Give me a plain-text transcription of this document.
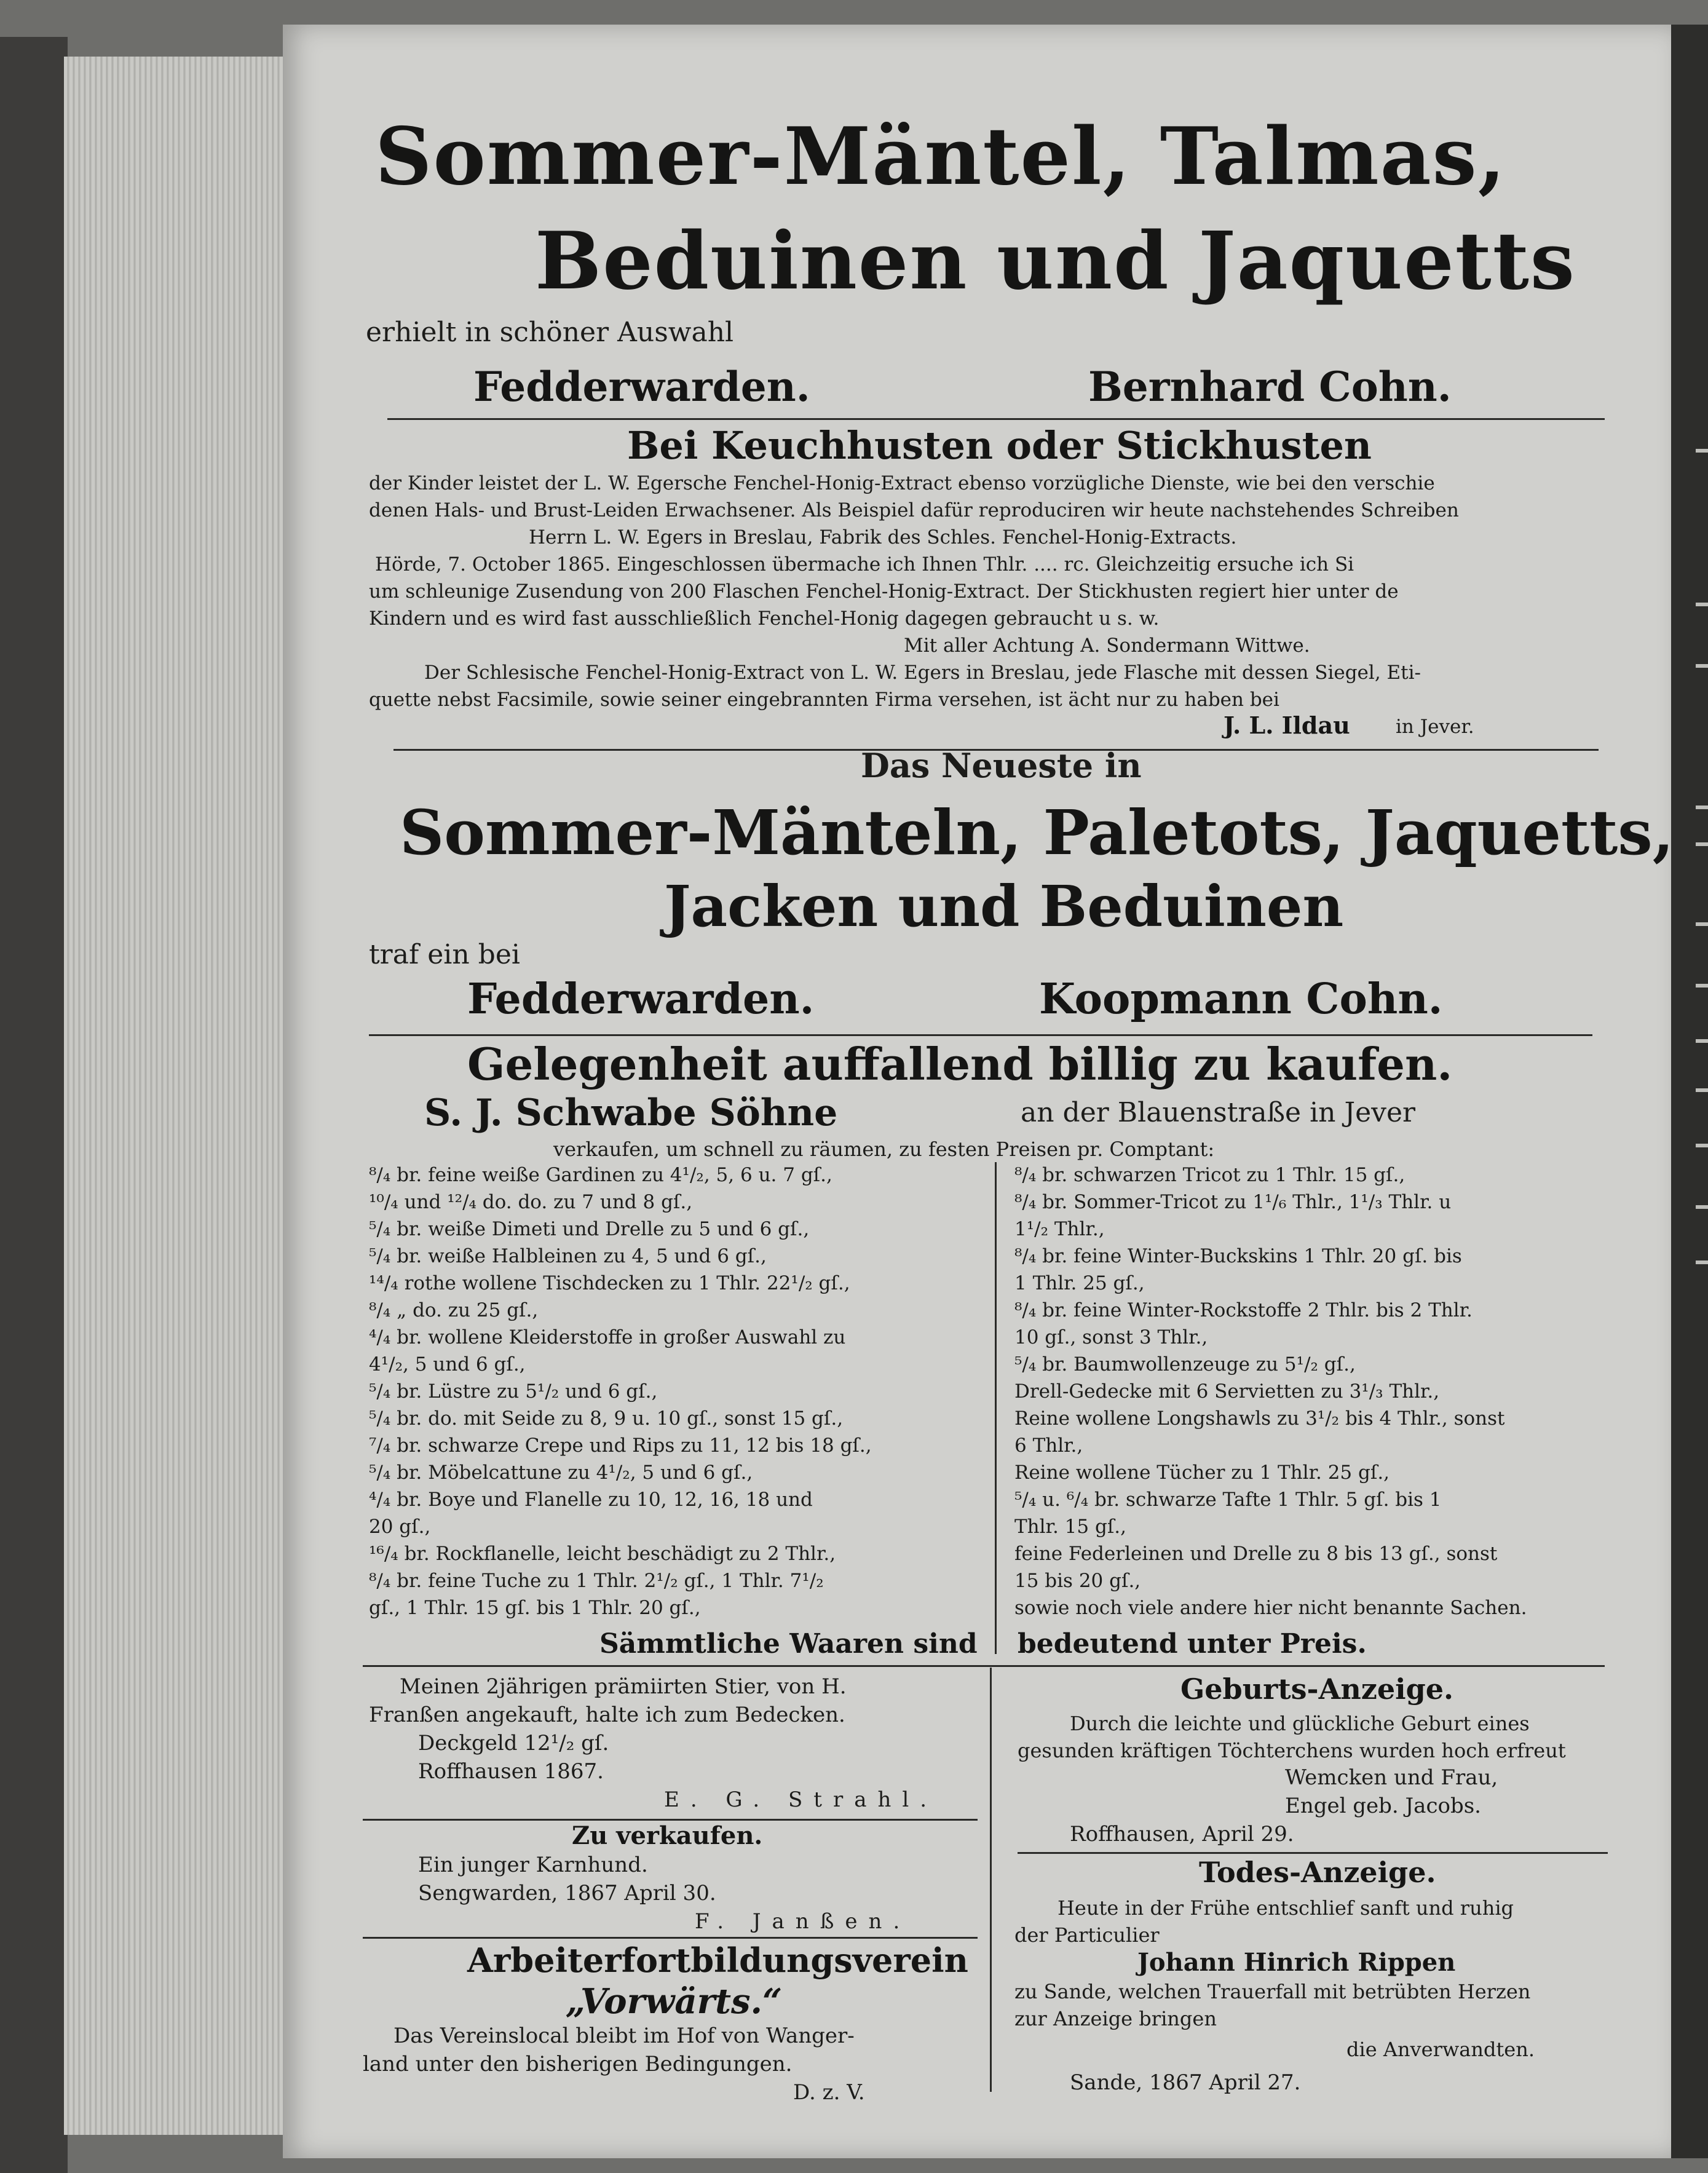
Sommer-Mäntel, Talmas,
Beduinen und Jaquetts
erhielt in schöner Auswahl
Fedderwarden.	Bernhard Cohn.
Bei Keuchhusten oder Stickhusten
der Kinder leistet der L. W. Egersche Fenchel-Honig-Extract ebenso vorzügliche Dienste, wie bei den verschie
denen Hals- und Brust-Leiden Erwachsener. Als Beispiel dafür reproduciren wir heute nachstehendes Schreiben
Herrn L. W. Egers in Breslau, Fabrik des Schles. Fenchel-Honig-Extracts.
Hörde, 7. October 1865. Eingeschlossen übermache ich Ihnen Thlr. .... rc. Gleichzeitig ersuche ich Si
um schleunige Zusendung von 200 Flaschen Fenchel-Honig-Extract. Der Stickhusten regiert hier unter de
Kindern und es wird fast ausschließlich Fenchel-Honig dagegen gebraucht u s. w.
Mit aller Achtung A. Sondermann Wittwe.
Der Schlesische Fenchel-Honig-Extract von L. W. Egers in Breslau, jede Flasche mit dessen Siegel, Eti-
quette nebst Facsimile, sowie seiner eingebrannten Firma versehen, ist ächt nur zu haben bei
J. L. Ildau in Jever.
Das Neueste in
Sommer-Mänteln, Paletots, Jaquetts,
Jacken und Beduinen
traf ein bei
Fedderwarden.	Koopmann Cohn.
Gelegenheit auffallend billig zu kaufen.
S. J. Schwabe Söhne	an der Blauenstraße in Jever
verkaufen, um schnell zu räumen, zu festen Preisen pr. Comptant:
⁸/₄ br. feine weiße Gardinen zu 4¹/₂, 5, 6 u. 7 gſ.,
¹⁰/₄ und ¹²/₄ do. do. zu 7 und 8 gſ.,
⁵/₄ br. weiße Dimeti und Drelle zu 5 und 6 gſ.,
⁵/₄ br. weiße Halbleinen zu 4, 5 und 6 gſ.,
¹⁴/₄ rothe wollene Tischdecken zu 1 Thlr. 22¹/₂ gſ.,
⁸/₄ „ do. zu 25 gſ.,
⁴/₄ br. wollene Kleiderstoffe in großer Auswahl zu
4¹/₂, 5 und 6 gſ.,
⁵/₄ br. Lüstre zu 5¹/₂ und 6 gſ.,
⁵/₄ br. do. mit Seide zu 8, 9 u. 10 gſ., sonst 15 gſ.,
⁷/₄ br. schwarze Crepe und Rips zu 11, 12 bis 18 gſ.,
⁵/₄ br. Möbelcattune zu 4¹/₂, 5 und 6 gſ.,
⁴/₄ br. Boye und Flanelle zu 10, 12, 16, 18 und
20 gſ.,
¹⁶/₄ br. Rockflanelle, leicht beschädigt zu 2 Thlr.,
⁸/₄ br. feine Tuche zu 1 Thlr. 2¹/₂ gſ., 1 Thlr. 7¹/₂
gſ., 1 Thlr. 15 gſ. bis 1 Thlr. 20 gſ.,
⁸/₄ br. schwarzen Tricot zu 1 Thlr. 15 gſ.,
⁸/₄ br. Sommer-Tricot zu 1¹/₆ Thlr., 1¹/₃ Thlr. u
1¹/₂ Thlr.,
⁸/₄ br. feine Winter-Buckskins 1 Thlr. 20 gſ. bis
1 Thlr. 25 gſ.,
⁸/₄ br. feine Winter-Rockstoffe 2 Thlr. bis 2 Thlr.
10 gſ., sonst 3 Thlr.,
⁵/₄ br. Baumwollenzeuge zu 5¹/₂ gſ.,
Drell-Gedecke mit 6 Servietten zu 3¹/₃ Thlr.,
Reine wollene Longshawls zu 3¹/₂ bis 4 Thlr., sonst
6 Thlr.,
Reine wollene Tücher zu 1 Thlr. 25 gſ.,
⁵/₄ u. ⁶/₄ br. schwarze Tafte 1 Thlr. 5 gſ. bis 1
Thlr. 15 gſ.,
feine Federleinen und Drelle zu 8 bis 13 gſ., sonst
15 bis 20 gſ.,
sowie noch viele andere hier nicht benannte Sachen.
Sämmtliche Waaren sind bedeutend unter Preis.
Meinen 2jährigen prämiirten Stier, von H.
Franßen angekauft, halte ich zum Bedecken.
Deckgeld 12¹/₂ gſ.
Roffhausen 1867.
E. G. Strahl.
Zu verkaufen.
Ein junger Karnhund.
Sengwarden, 1867 April 30.
F. Janßen.
Arbeiterfortbildungsverein
„Vorwärts.“
Das Vereinslocal bleibt im Hof von Wanger-
land unter den bisherigen Bedingungen.
D. z. V.
Geburts-Anzeige.
Durch die leichte und glückliche Geburt eines
gesunden kräftigen Töchterchens wurden hoch erfreut
Wemcken und Frau,
Engel geb. Jacobs.
Roffhausen, April 29.
Todes-Anzeige.
Heute in der Frühe entschlief sanft und ruhig
der Particulier
Johann Hinrich Rippen
zu Sande, welchen Trauerfall mit betrübten Herzen
zur Anzeige bringen
die Anverwandten.
Sande, 1867 April 27.
